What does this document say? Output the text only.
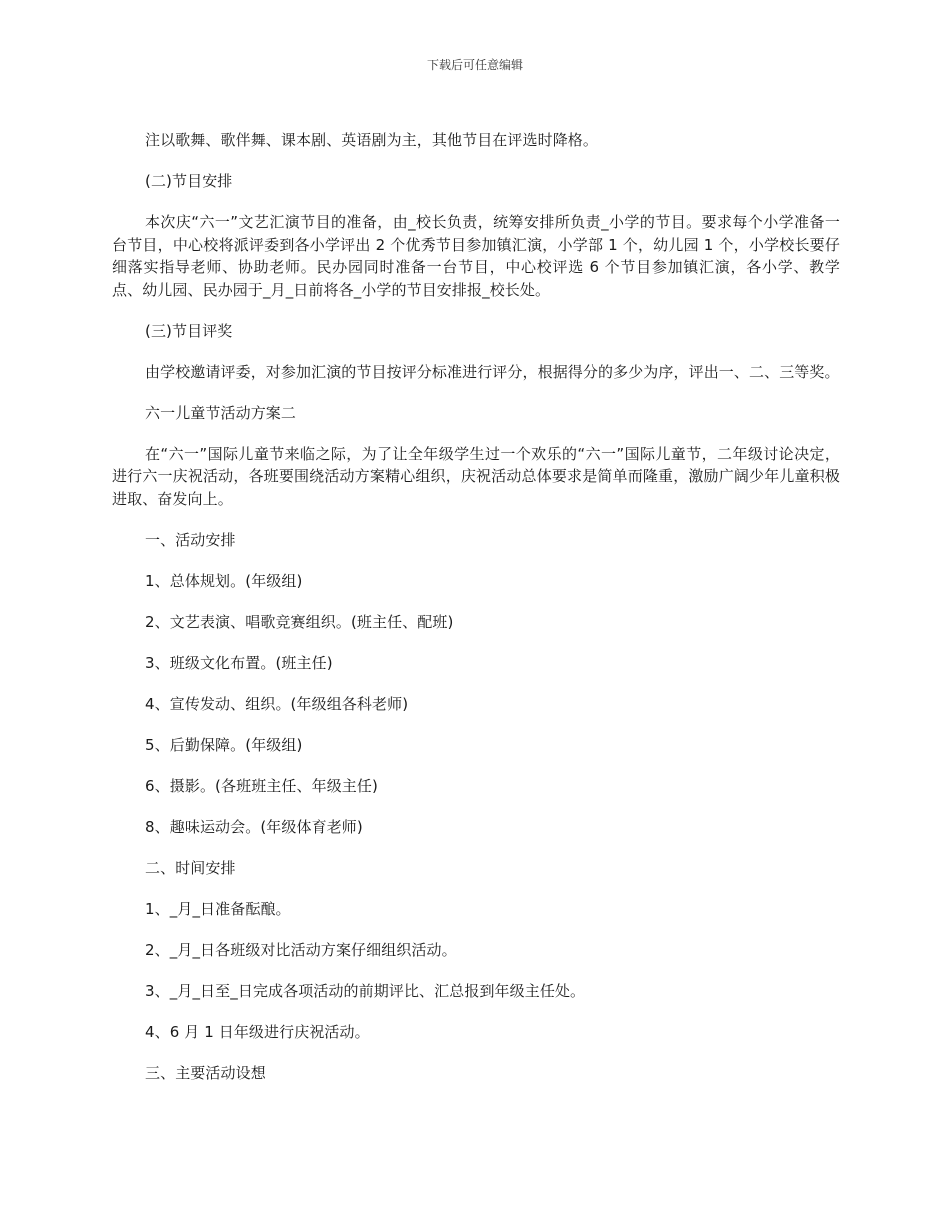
下载后可任意编辑

注以歌舞、歌伴舞、课本剧、英语剧为主，其他节目在评选时降格。

(二)节目安排

本次庆“六一”文艺汇演节目的准备，由_校长负责，统筹安排所负责_小学的节目。要求每个小学准备一台节目，中心校将派评委到各小学评出 2 个优秀节目参加镇汇演，小学部 1 个，幼儿园 1 个，小学校长要仔细落实指导老师、协助老师。民办园同时准备一台节目，中心校评选 6 个节目参加镇汇演，各小学、教学点、幼儿园、民办园于_月_日前将各_小学的节目安排报_校长处。

(三)节目评奖

由学校邀请评委，对参加汇演的节目按评分标准进行评分，根据得分的多少为序，评出一、二、三等奖。

六一儿童节活动方案二

在“六一”国际儿童节来临之际，为了让全年级学生过一个欢乐的“六一”国际儿童节，二年级讨论决定，进行六一庆祝活动，各班要围绕活动方案精心组织，庆祝活动总体要求是简单而隆重，激励广阔少年儿童积极进取、奋发向上。

一、活动安排

1、总体规划。(年级组)

2、文艺表演、唱歌竞赛组织。(班主任、配班)

3、班级文化布置。(班主任)

4、宣传发动、组织。(年级组各科老师)

5、后勤保障。(年级组)

6、摄影。(各班班主任、年级主任)

8、趣味运动会。(年级体育老师)

二、时间安排

1、_月_日准备酝酿。

2、_月_日各班级对比活动方案仔细组织活动。

3、_月_日至_日完成各项活动的前期评比、汇总报到年级主任处。

4、6 月 1 日年级进行庆祝活动。

三、主要活动设想
